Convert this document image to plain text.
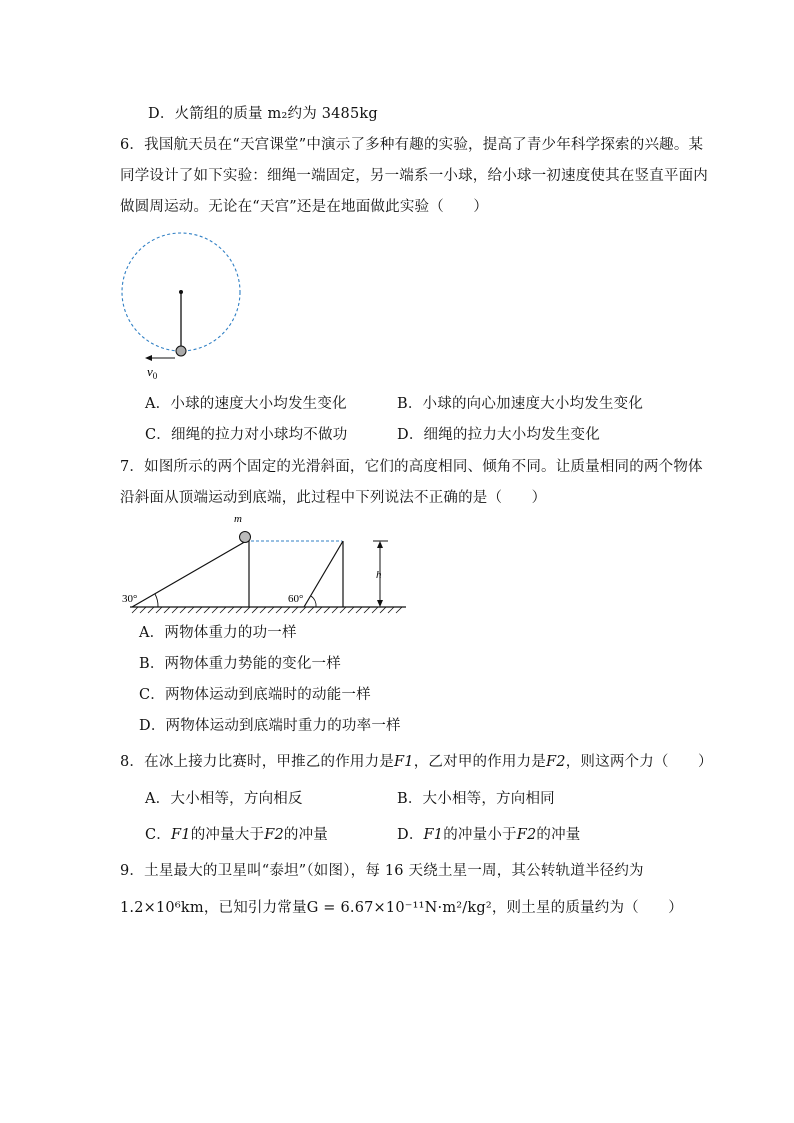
D．火箭组的质量 m₂约为 3485kg
6．我国航天员在“天宫课堂”中演示了多种有趣的实验，提高了青少年科学探索的兴趣。某
同学设计了如下实验：细绳一端固定，另一端系一小球，给小球一初速度使其在竖直平面内
做圆周运动。无论在“天宫”还是在地面做此实验（　　）
$v_0$
A．小球的速度大小均发生变化	B．小球的向心加速度大小均发生变化
C．细绳的拉力对小球均不做功	D．细绳的拉力大小均发生变化
7．如图所示的两个固定的光滑斜面，它们的高度相同、倾角不同。让质量相同的两个物体
沿斜面从顶端运动到底端，此过程中下列说法不正确的是（　　）
30°
m
60°
h
A．两物体重力的功一样
B．两物体重力势能的变化一样
C．两物体运动到底端时的动能一样
D．两物体运动到底端时重力的功率一样
8．在冰上接力比赛时，甲推乙的作用力是F1，乙对甲的作用力是F2，则这两个力（　　）
A．大小相等，方向相反	B．大小相等，方向相同
C．F1的冲量大于F2的冲量	D．F1的冲量小于F2的冲量
9．土星最大的卫星叫“泰坦”（如图），每 16 天绕土星一周，其公转轨道半径约为
1.2×10⁶km，已知引力常量G = 6.67×10⁻¹¹N·m²/kg²，则土星的质量约为（　　）
